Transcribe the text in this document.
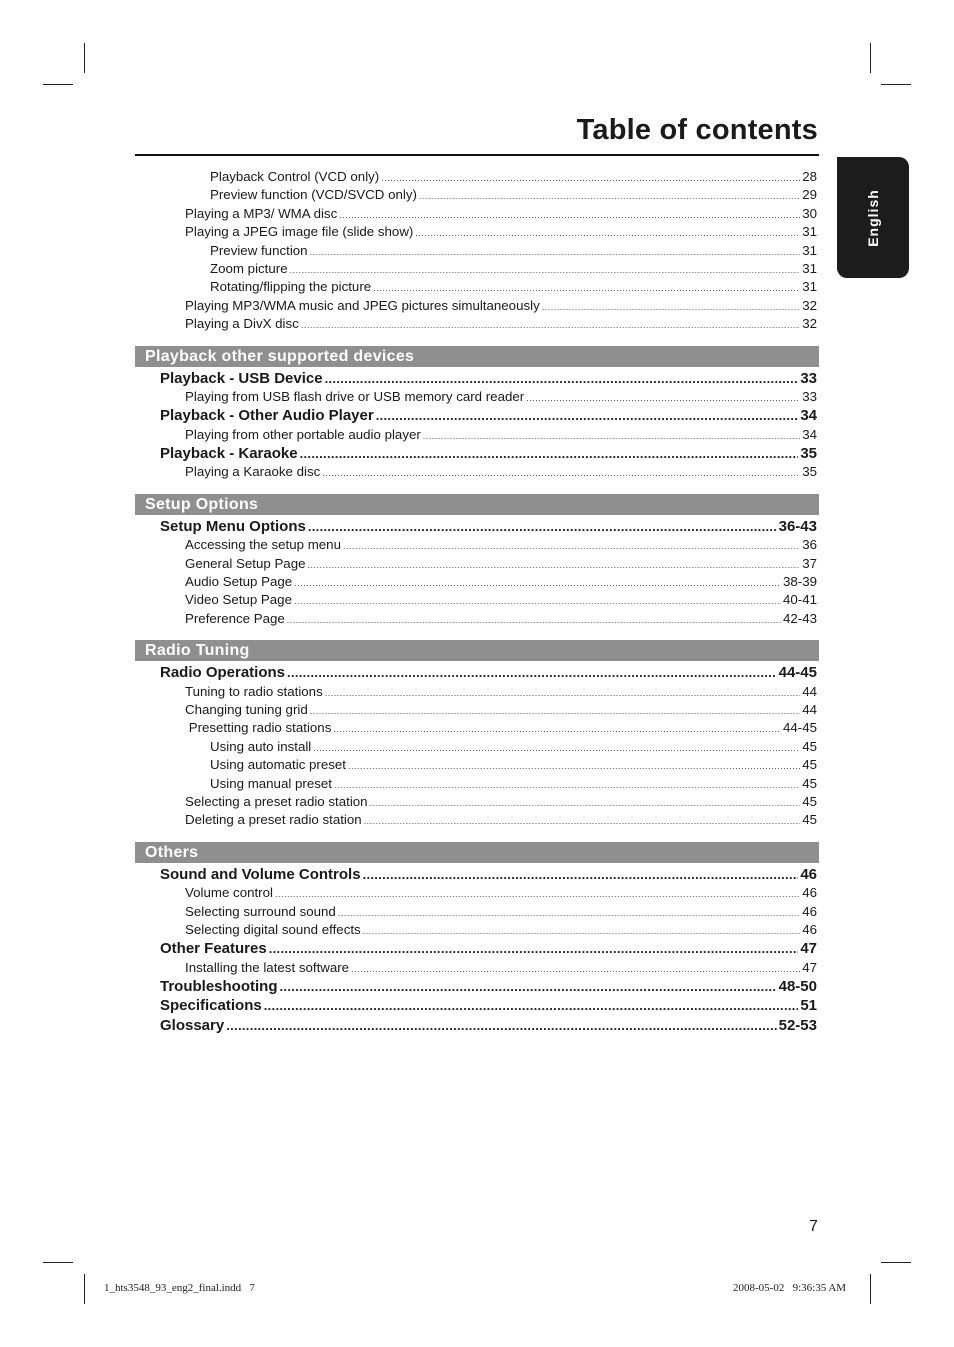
Table of contents
English
Playback Control (VCD only) .....	28
Preview function (VCD/SVCD only) .....	29
Playing a MP3/ WMA disc .....	30
Playing a JPEG image file (slide show) .....	31
Preview function .....	31
Zoom picture .....	31
Rotating/flipping the picture .....	31
Playing MP3/WMA music and JPEG pictures simultaneously .....	32
Playing a DivX disc .....	32
Playback other supported devices
Playback - USB Device .....	33
Playing from USB flash drive or USB memory card reader .....	33
Playback - Other Audio Player .....	34
Playing from other portable audio player .....	34
Playback - Karaoke .....	35
Playing a Karaoke disc .....	35
Setup Options
Setup Menu Options .....	36-43
Accessing the setup menu .....	36
General Setup Page .....	37
Audio Setup Page .....	38-39
Video Setup Page .....	40-41
Preference Page .....	42-43
Radio Tuning
Radio Operations .....	44-45
Tuning to radio stations .....	44
Changing tuning grid .....	44
Presetting radio stations .....	44-45
Using auto install .....	45
Using automatic preset .....	45
Using manual preset .....	45
Selecting a preset radio station .....	45
Deleting a preset radio station .....	45
Others
Sound and Volume Controls .....	46
Volume control .....	46
Selecting surround sound .....	46
Selecting digital sound effects .....	46
Other Features .....	47
Installing the latest software .....	47
Troubleshooting .....	48-50
Specifications .....	51
Glossary .....	52-53
7
1_hts3548_93_eng2_final.indd   7	2008-05-02   9:36:35 AM
